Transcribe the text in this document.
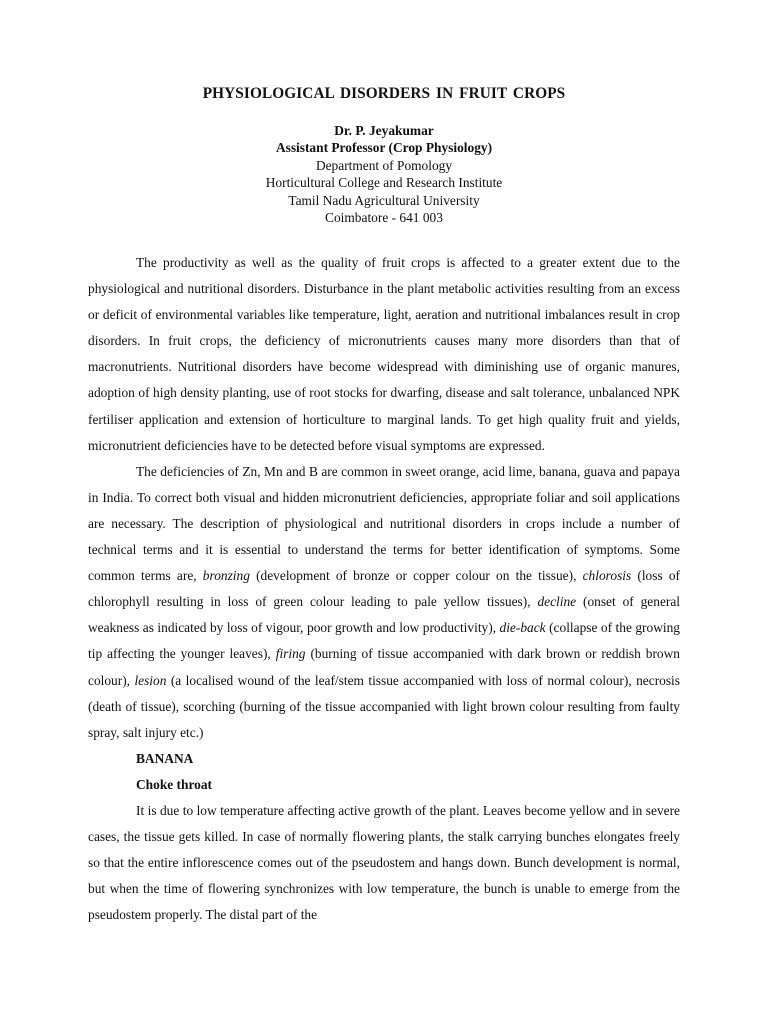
PHYSIOLOGICAL DISORDERS IN FRUIT CROPS
Dr. P. Jeyakumar
Assistant Professor (Crop Physiology)
Department of Pomology
Horticultural College and Research Institute
Tamil Nadu Agricultural University
Coimbatore - 641 003

The productivity as well as the quality of fruit crops is affected to a greater extent due to the physiological and nutritional disorders. Disturbance in the plant metabolic activities resulting from an excess or deficit of environmental variables like temperature, light, aeration and nutritional imbalances result in crop disorders. In fruit crops, the deficiency of micronutrients causes many more disorders than that of macronutrients. Nutritional disorders have become widespread with diminishing use of organic manures, adoption of high density planting, use of root stocks for dwarfing, disease and salt tolerance, unbalanced NPK fertiliser application and extension of horticulture to marginal lands. To get high quality fruit and yields, micronutrient deficiencies have to be detected before visual symptoms are expressed.

The deficiencies of Zn, Mn and B are common in sweet orange, acid lime, banana, guava and papaya in India. To correct both visual and hidden micronutrient deficiencies, appropriate foliar and soil applications are necessary. The description of physiological and nutritional disorders in crops include a number of technical terms and it is essential to understand the terms for better identification of symptoms. Some common terms are, bronzing (development of bronze or copper colour on the tissue), chlorosis (loss of chlorophyll resulting in loss of green colour leading to pale yellow tissues), decline (onset of general weakness as indicated by loss of vigour, poor growth and low productivity), die-back (collapse of the growing tip affecting the younger leaves), firing (burning of tissue accompanied with dark brown or reddish brown colour), lesion (a localised wound of the leaf/stem tissue accompanied with loss of normal colour), necrosis (death of tissue), scorching (burning of the tissue accompanied with light brown colour resulting from faulty spray, salt injury etc.)

BANANA

Choke throat

It is due to low temperature affecting active growth of the plant. Leaves become yellow and in severe cases, the tissue gets killed. In case of normally flowering plants, the stalk carrying bunches elongates freely so that the entire inflorescence comes out of the pseudostem and hangs down. Bunch development is normal, but when the time of flowering synchronizes with low temperature, the bunch is unable to emerge from the pseudostem properly. The distal part of the
